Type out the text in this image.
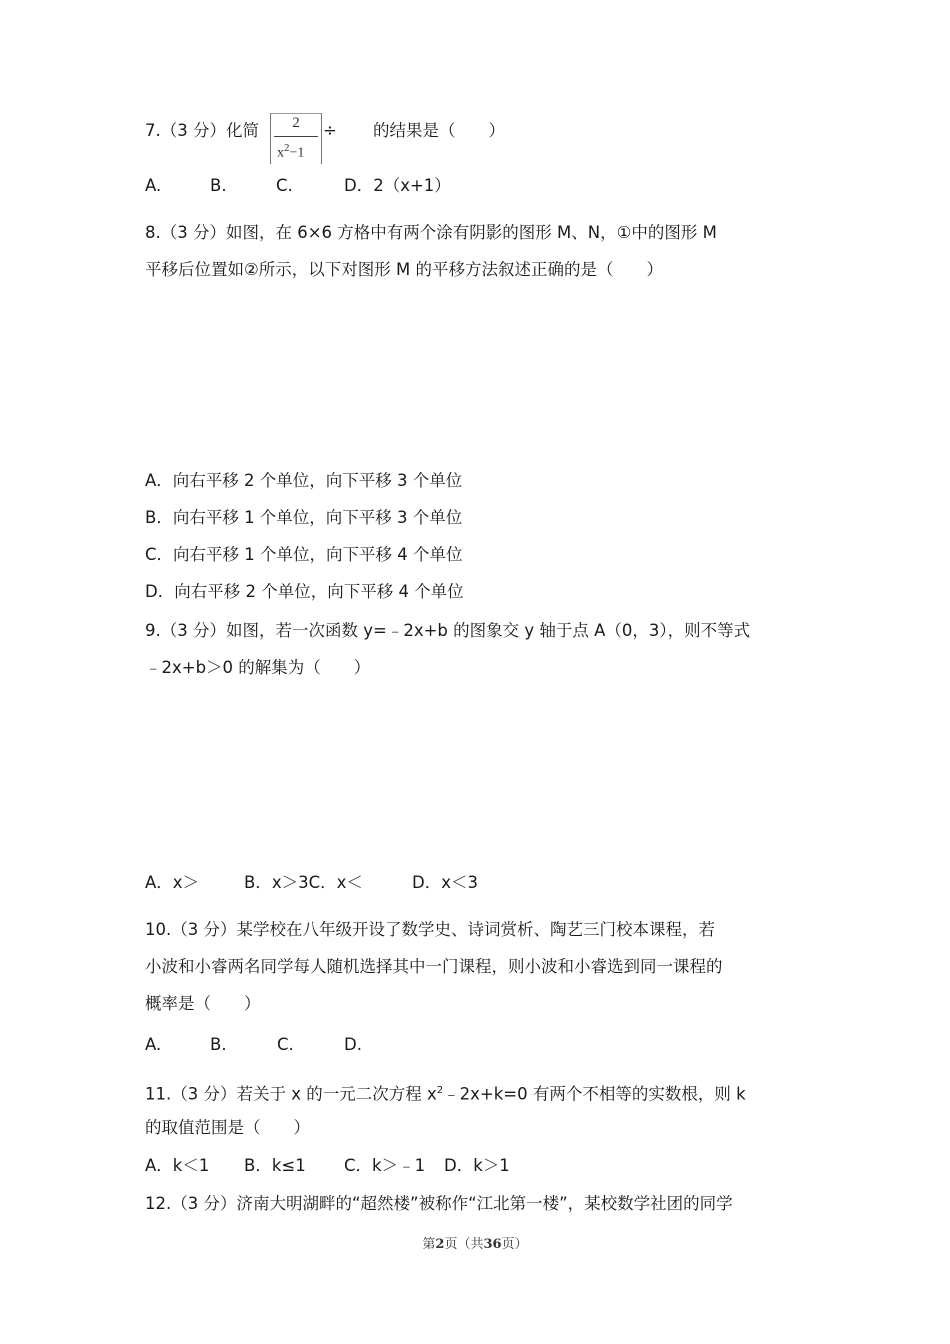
7.（3 分）化简	2
$x^2-1$
÷ 的结果是（　　）
A.	B.	C.	D．2（x+1）
8.（3 分）如图，在 6×6 方格中有两个涂有阴影的图形 M、N，①中的图形 M
平移后位置如②所示，以下对图形 M 的平移方法叙述正确的是（　　）
A．向右平移 2 个单位，向下平移 3 个单位
B．向右平移 1 个单位，向下平移 3 个单位
C．向右平移 1 个单位，向下平移 4 个单位
D．向右平移 2 个单位，向下平移 4 个单位
9.（3 分）如图，若一次函数 y=﹣2x+b 的图象交 y 轴于点 A（0，3），则不等式
﹣2x+b＞0 的解集为（　　）
A．x＞	B．x＞3C．x＜	D．x＜3
10.（3 分）某学校在八年级开设了数学史、诗词赏析、陶艺三门校本课程，若
小波和小睿两名同学每人随机选择其中一门课程，则小波和小睿选到同一课程的
概率是（　　）
A.	B.	C.	D.
11.（3 分）若关于 x 的一元二次方程 $x^2﹣2x+k=0$ 有两个不相等的实数根，则 k
的取值范围是（　　）
A．k＜1 B．k≤1 C．k＞﹣1 D．k＞1
12.（3 分）济南大明湖畔的“超然楼”被称作“江北第一楼”，某校数学社团的同学
第2页（共36页）
